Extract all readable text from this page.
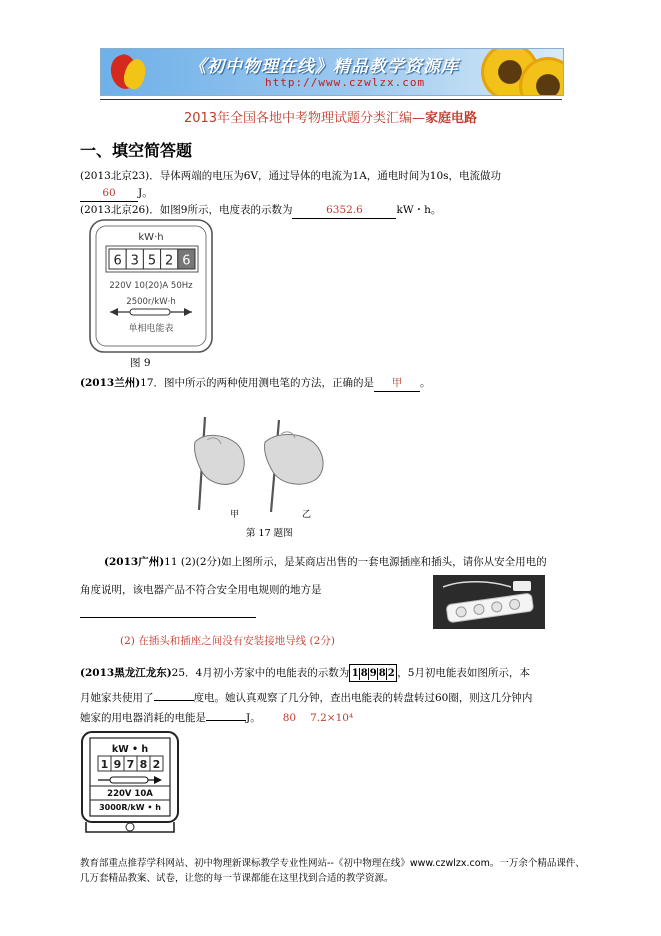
《初中物理在线》精品教学资源库
http://www.czwlzx.com
2013年全国各地中考物理试题分类汇编—家庭电路
一、填空简答题
(2013北京23)．导体两端的电压为6V，通过导体的电流为1A，通电时间为10s，电流做功
60 J。
(2013北京26)．如图9所示，电度表的示数为	6352.6	kW・h。
kW·h
6 3 5 2 6
220V 10(20)A 50Hz
2500r/kW·h
单相电能表
图 9
(2013兰州)17．图中所示的两种使用测电笔的方法，正确的是 甲 。
甲	乙
第 17 题图
(2013广州)11 (2)(2分)如上图所示，是某商店出售的一套电源插座和插头，请你从安全用电的
角度说明，该电器产品不符合安全用电规则的地方是
(2) 在插头和插座之间没有安装接地导线 (2分)
(2013黑龙江龙东)25．4月初小芳家中的电能表的示数为 1 8 9 8 2 ，5月初电能表如图所示，本
月她家共使用了	度电。她认真观察了几分钟，查出电能表的转盘转过60圈，则这几分钟内
她家的用电器消耗的电能是	J。 80 7.2×10⁴
kW • h
1 9 7 8 2
220V 10A
3000R/kW • h
教育部重点推荐学科网站、初中物理新课标教学专业性网站--《初中物理在线》www.czwlzx.com。一万余个精品课件、
几万套精品教案、试卷，让您的每一节课都能在这里找到合适的教学资源。
